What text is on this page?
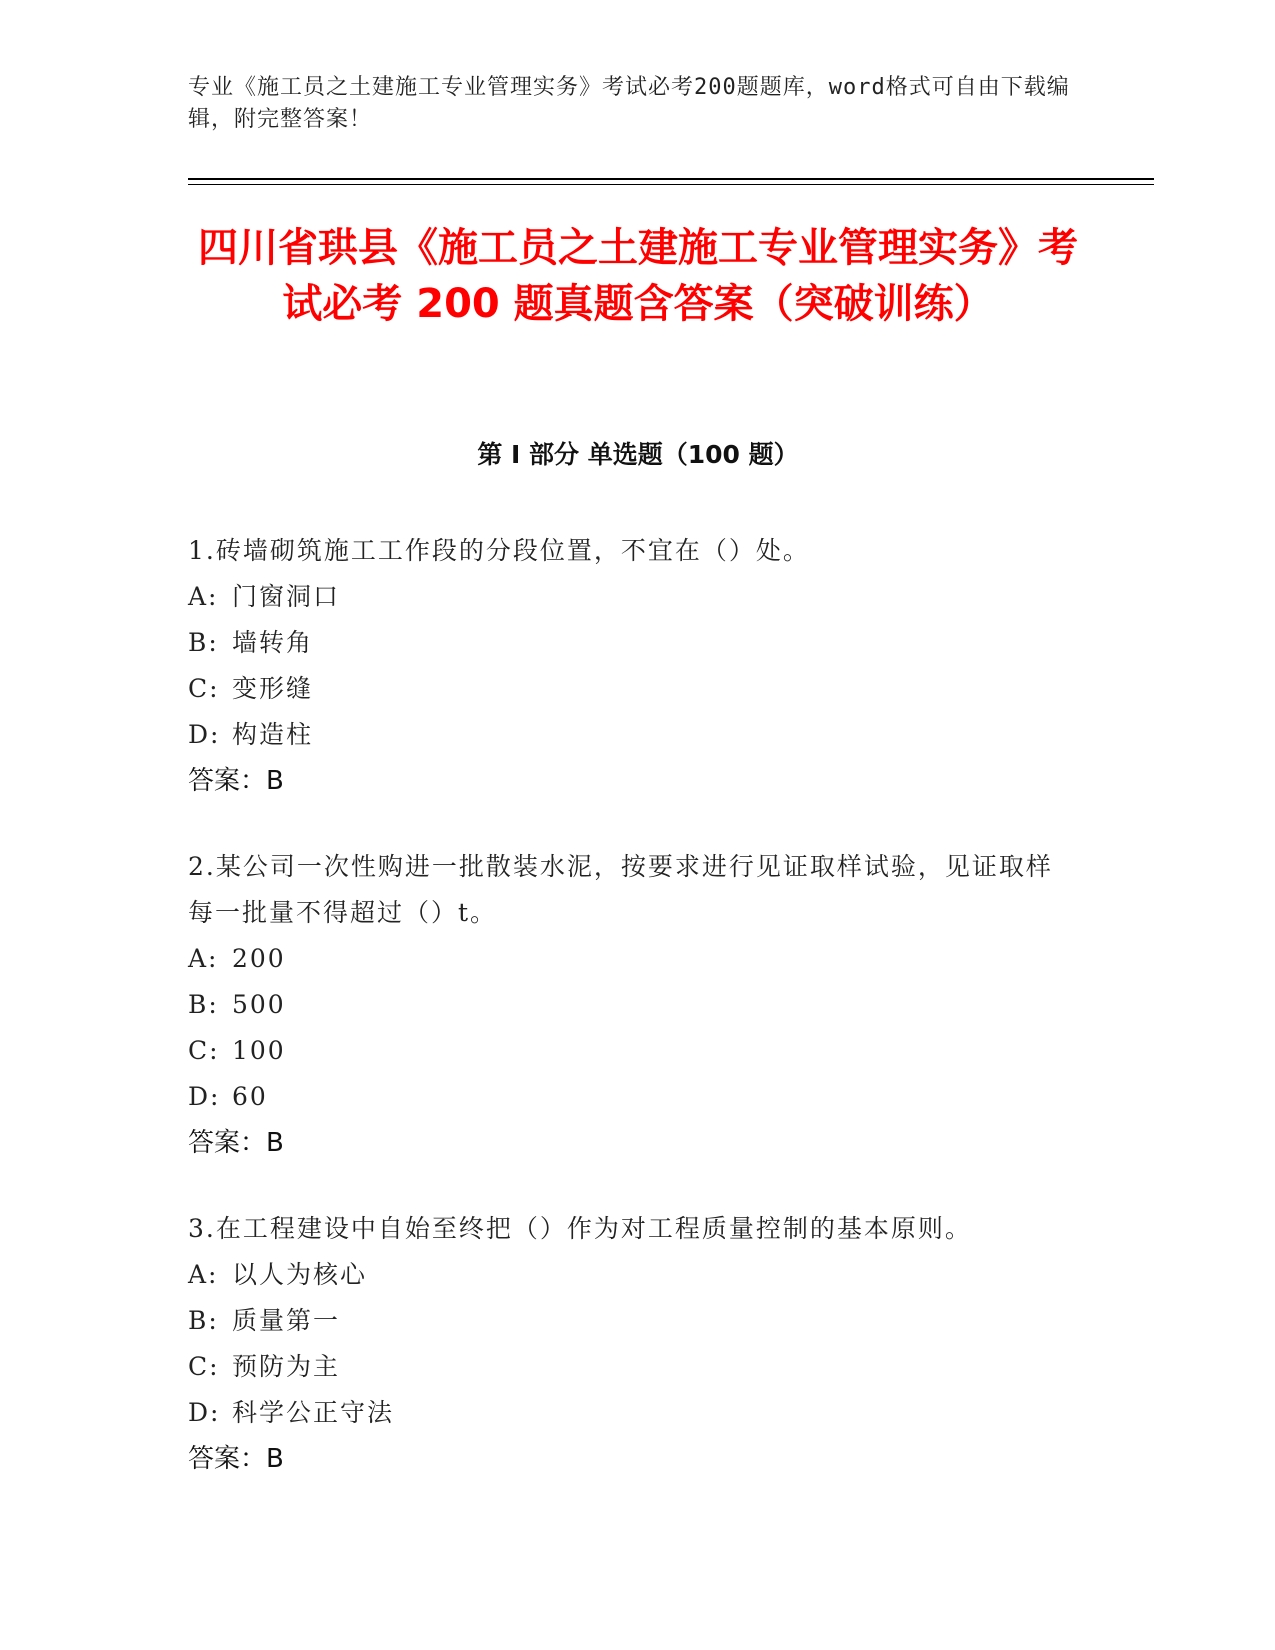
专业《施工员之土建施工专业管理实务》考试必考200题题库，word格式可自由下载编辑，附完整答案！
四川省珙县《施工员之土建施工专业管理实务》考试必考 200 题真题含答案（突破训练）
第 I 部分 单选题（100 题）

1.砖墙砌筑施工工作段的分段位置，不宜在（）处。

A: 门窗洞口

B: 墙转角

C: 变形缝

D: 构造柱

答案：B

2.某公司一次性购进一批散装水泥，按要求进行见证取样试验，见证取样每一批量不得超过（）t。

A: 200

B: 500

C: 100

D: 60

答案：B

3.在工程建设中自始至终把（）作为对工程质量控制的基本原则。

A: 以人为核心

B: 质量第一

C: 预防为主

D: 科学公正守法

答案：B
